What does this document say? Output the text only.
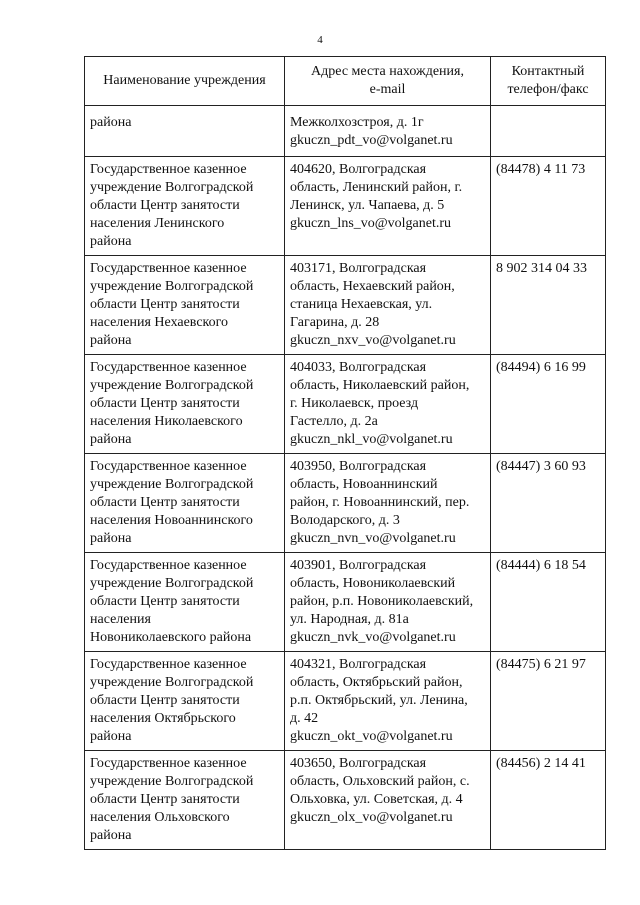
4
Наименование учреждения	Адрес места нахождения,
e-mail	Контактный
телефон/факс

района	Межколхозстроя, д. 1г
gkuczn_pdt_vo@volganet.ru	

Государственное казенное
учреждение Волгоградской
области Центр занятости
населения Ленинского
района	404620, Волгоградская
область, Ленинский район, г.
Ленинск, ул. Чапаева, д. 5
gkuczn_lns_vo@volganet.ru	(84478) 4 11 73

Государственное казенное
учреждение Волгоградской
области Центр занятости
населения Нехаевского
района	403171, Волгоградская
область, Нехаевский район,
станица Нехаевская, ул.
Гагарина, д. 28
gkuczn_nxv_vo@volganet.ru	8 902 314 04 33

Государственное казенное
учреждение Волгоградской
области Центр занятости
населения Николаевского
района	404033, Волгоградская
область, Николаевский район,
г. Николаевск, проезд
Гастелло, д. 2а
gkuczn_nkl_vo@volganet.ru	(84494) 6 16 99

Государственное казенное
учреждение Волгоградской
области Центр занятости
населения Новоаннинского
района	403950, Волгоградская
область, Новоаннинский
район, г. Новоаннинский, пер.
Володарского, д. 3
gkuczn_nvn_vo@volganet.ru	(84447) 3 60 93

Государственное казенное
учреждение Волгоградской
области Центр занятости
населения
Новониколаевского района	403901, Волгоградская
область, Новониколаевский
район, р.п. Новониколаевский,
ул. Народная, д. 81а
gkuczn_nvk_vo@volganet.ru	(84444) 6 18 54

Государственное казенное
учреждение Волгоградской
области Центр занятости
населения Октябрьского
района	404321, Волгоградская
область, Октябрьский район,
р.п. Октябрьский, ул. Ленина,
д. 42
gkuczn_okt_vo@volganet.ru	(84475) 6 21 97

Государственное казенное
учреждение Волгоградской
области Центр занятости
населения Ольховского
района	403650, Волгоградская
область, Ольховский район, с.
Ольховка, ул. Советская, д. 4
gkuczn_olx_vo@volganet.ru	(84456) 2 14 41
